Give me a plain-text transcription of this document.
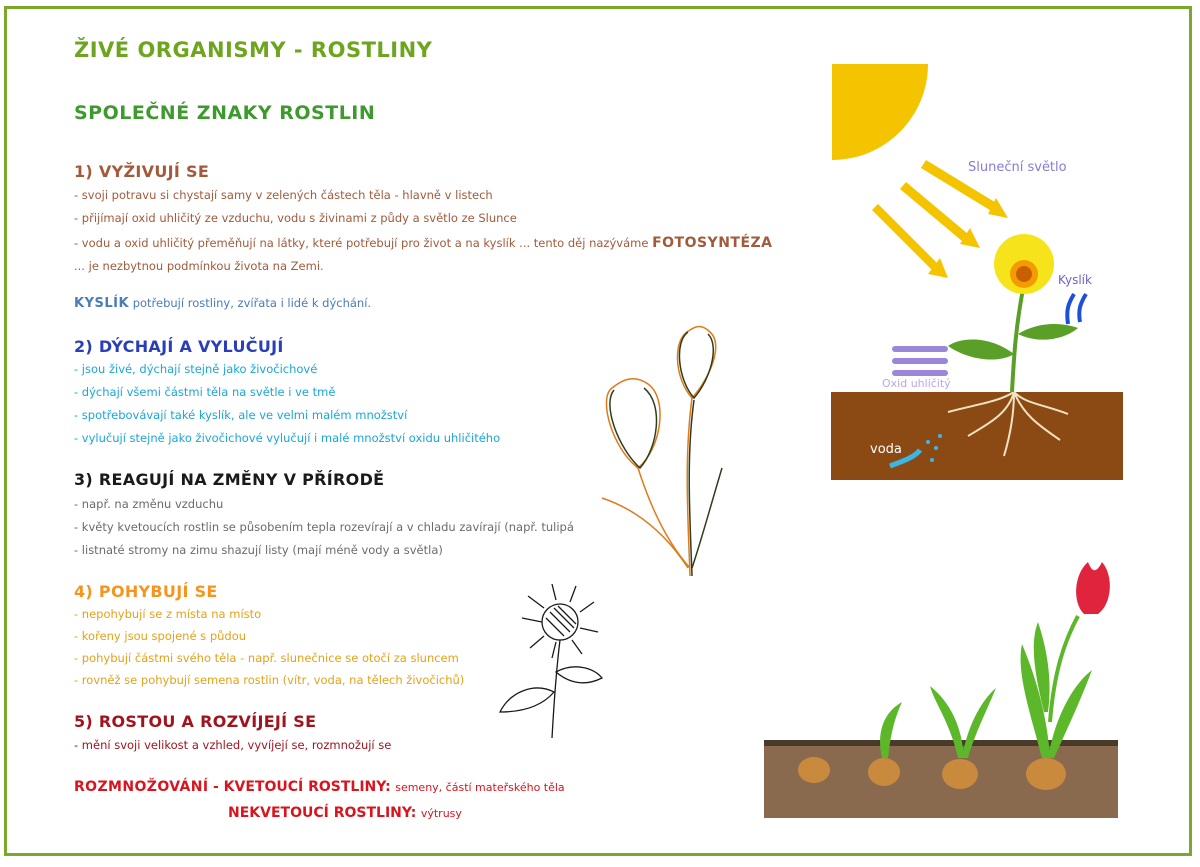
ŽIVÉ ORGANISMY - ROSTLINY
SPOLEČNÉ ZNAKY ROSTLIN
1) VYŽIVUJÍ SE
- svoji potravu si chystají samy v zelených částech těla - hlavně v listech
- přijímají oxid uhličitý ze vzduchu, vodu s živinami z půdy a světlo ze Slunce
- vodu a oxid uhličitý přeměňují na látky, které potřebují pro život a na kyslík ... tento děj nazýváme FOTOSYNTÉZA
... je nezbytnou podmínkou života na Zemi.
KYSLÍK potřebují rostliny, zvířata i lidé k dýchání.
2) DÝCHAJÍ A VYLUČUJÍ
- jsou živé, dýchají stejně jako živočichové
- dýchají všemi částmi těla na světle i ve tmě
- spotřebovávají také kyslík, ale ve velmi malém množství
- vylučují stejně jako živočichové vylučují i malé množství oxidu uhličitého
3) REAGUJÍ NA ZMĚNY V PŘÍRODĚ
- např. na změnu vzduchu
- květy kvetoucích rostlin se působením tepla rozevírají a v chladu zavírají (např. tulipá
- listnaté stromy na zimu shazují listy (mají méně vody a světla)
4) POHYBUJÍ SE
- nepohybují se z místa na místo
- kořeny jsou spojené s půdou
- pohybují částmi svého těla - např. slunečnice se otočí za sluncem
- rovněž se pohybují semena rostlin (vítr, voda, na tělech živočichů)
5) ROSTOU A ROZVÍJEJÍ SE
- mění svoji velikost a vzhled, vyvíjejí se, rozmnožují se
ROZMNOŽOVÁNÍ - KVETOUCÍ ROSTLINY: semeny, částí mateřského těla
NEKVETOUCÍ ROSTLINY: výtrusy
Sluneční světlo
Kyslík
Oxid uhličitý
voda
